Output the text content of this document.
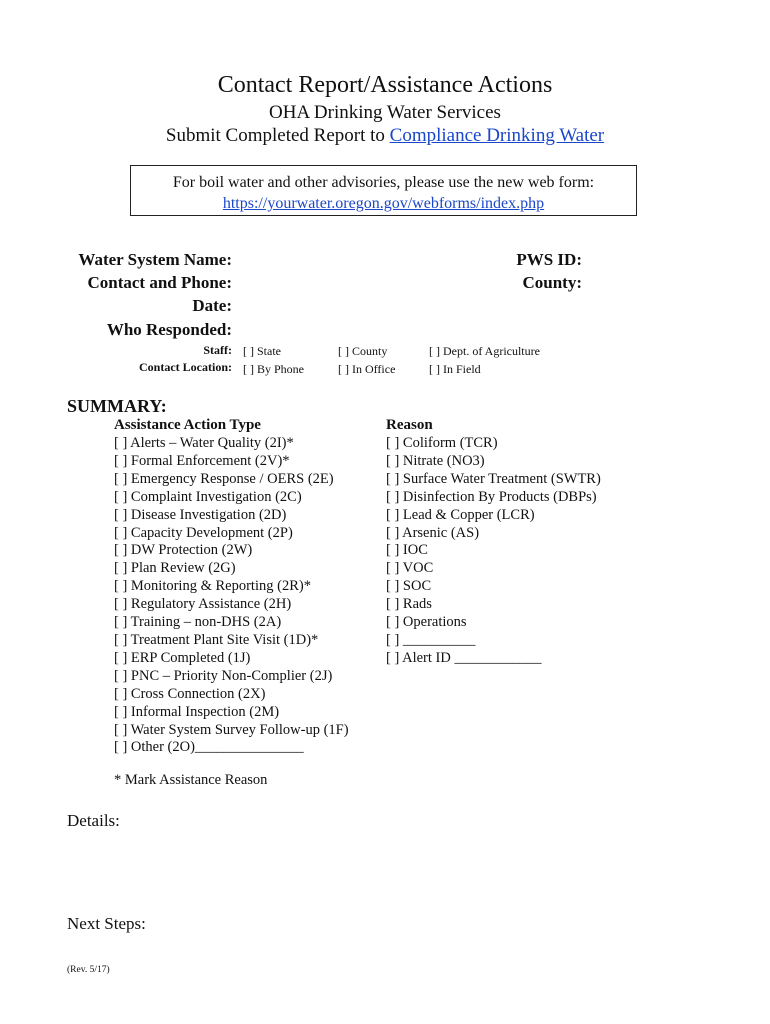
Contact Report/Assistance Actions
OHA Drinking Water Services
Submit Completed Report to Compliance Drinking Water
For boil water and other advisories, please use the new web form:
https://yourwater.oregon.gov/webforms/index.php
Water System Name:
Contact and Phone:
Date:
Who Responded:
PWS ID:
County:
Staff:
Contact Location:
[ ] State	[ ] County	[ ] Dept. of Agriculture
[ ] By Phone	[ ] In Office	[ ] In Field
SUMMARY:
Assistance Action Type
[ ] Alerts – Water Quality (2I)*
[ ] Formal Enforcement (2V)*
[ ] Emergency Response / OERS (2E)
[ ] Complaint Investigation (2C)
[ ] Disease Investigation (2D)
[ ] Capacity Development (2P)
[ ] DW Protection (2W)
[ ] Plan Review (2G)
[ ] Monitoring & Reporting (2R)*
[ ] Regulatory Assistance (2H)
[ ] Training – non-DHS (2A)
[ ] Treatment Plant Site Visit (1D)*
[ ] ERP Completed (1J)
[ ] PNC – Priority Non-Complier (2J)
[ ] Cross Connection (2X)
[ ] Informal Inspection (2M)
[ ] Water System Survey Follow-up (1F)
[ ] Other (2O)_______________
Reason
[ ] Coliform (TCR)
[ ] Nitrate (NO3)
[ ] Surface Water Treatment (SWTR)
[ ] Disinfection By Products (DBPs)
[ ] Lead & Copper (LCR)
[ ] Arsenic (AS)
[ ] IOC
[ ] VOC
[ ] SOC
[ ] Rads
[ ] Operations
[ ] __________
[ ] Alert ID ____________
* Mark Assistance Reason
Details:
Next Steps:
(Rev. 5/17)
